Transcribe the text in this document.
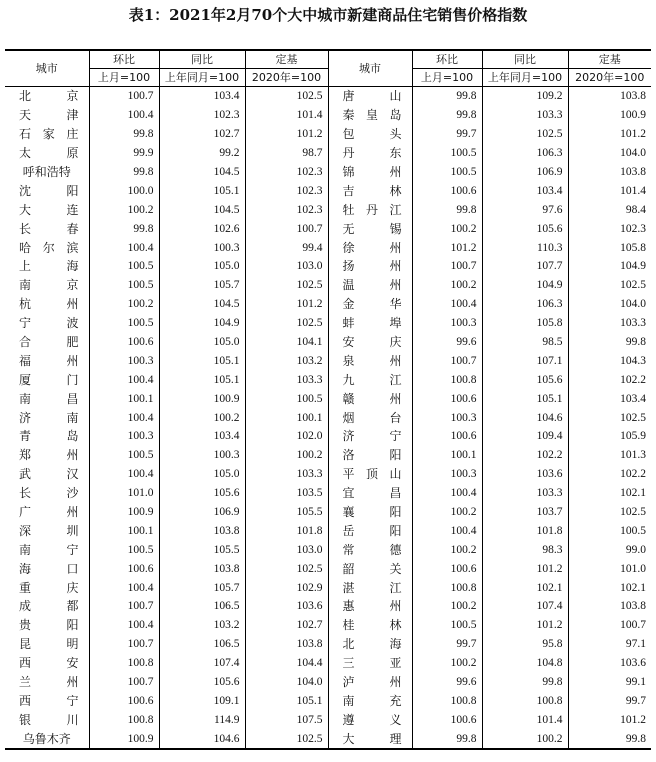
表1：2021年2月70个大中城市新建商品住宅销售价格指数
城市	环比	同比	定基	城市	环比	同比	定基
	上月=100	上年同月=100	2020年=100		上月=100	上年同月=100	2020年=100
北京	100.7	103.4	102.5	唐山	99.8	109.2	103.8
天津	100.4	102.3	101.4	秦皇岛	99.8	103.3	100.9
石家庄	99.8	102.7	101.2	包头	99.7	102.5	101.2
太原	99.9	99.2	98.7	丹东	100.5	106.3	104.0
呼和浩特	99.8	104.5	102.3	锦州	100.5	106.9	103.8
沈阳	100.0	105.1	102.3	吉林	100.6	103.4	101.4
大连	100.2	104.5	102.3	牡丹江	99.8	97.6	98.4
长春	99.8	102.6	100.7	无锡	100.2	105.6	102.3
哈尔滨	100.4	100.3	99.4	徐州	101.2	110.3	105.8
上海	100.5	105.0	103.0	扬州	100.7	107.7	104.9
南京	100.5	105.7	102.5	温州	100.2	104.9	102.5
杭州	100.2	104.5	101.2	金华	100.4	106.3	104.0
宁波	100.5	104.9	102.5	蚌埠	100.3	105.8	103.3
合肥	100.6	105.0	104.1	安庆	99.6	98.5	99.8
福州	100.3	105.1	103.2	泉州	100.7	107.1	104.3
厦门	100.4	105.1	103.3	九江	100.8	105.6	102.2
南昌	100.1	100.9	100.5	赣州	100.6	105.1	103.4
济南	100.4	100.2	100.1	烟台	100.3	104.6	102.5
青岛	100.3	103.4	102.0	济宁	100.6	109.4	105.9
郑州	100.5	100.3	100.2	洛阳	100.1	102.2	101.3
武汉	100.4	105.0	103.3	平顶山	100.3	103.6	102.2
长沙	101.0	105.6	103.5	宜昌	100.4	103.3	102.1
广州	100.9	106.9	105.5	襄阳	100.2	103.7	102.5
深圳	100.1	103.8	101.8	岳阳	100.4	101.8	100.5
南宁	100.5	105.5	103.0	常德	100.2	98.3	99.0
海口	100.6	103.8	102.5	韶关	100.6	101.2	101.0
重庆	100.4	105.7	102.9	湛江	100.8	102.1	102.1
成都	100.7	106.5	103.6	惠州	100.2	107.4	103.8
贵阳	100.4	103.2	102.7	桂林	100.5	101.2	100.7
昆明	100.7	106.5	103.8	北海	99.7	95.8	97.1
西安	100.8	107.4	104.4	三亚	100.2	104.8	103.6
兰州	100.7	105.6	104.0	泸州	99.6	99.8	99.1
西宁	100.6	109.1	105.1	南充	100.8	100.8	99.7
银川	100.8	114.9	107.5	遵义	100.6	101.4	101.2
乌鲁木齐	100.9	104.6	102.5	大理	99.8	100.2	99.8
